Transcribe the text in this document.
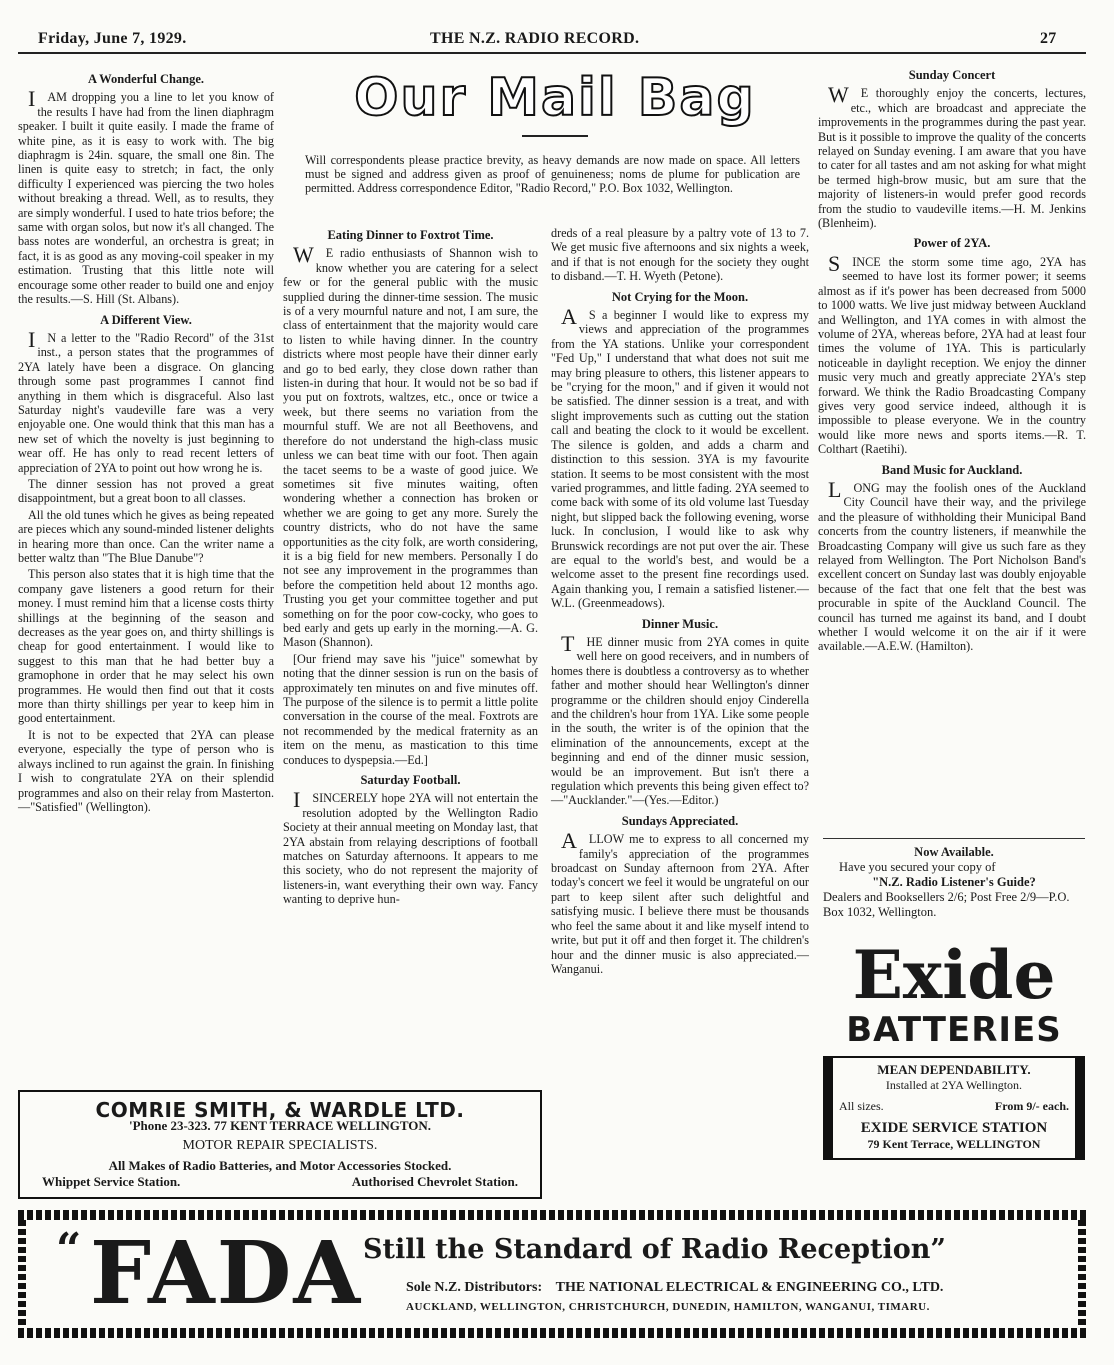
Friday, June 7, 1929.	THE N.Z. RADIO RECORD.	27
Our Mail Bag
Will correspondents please practice brevity, as heavy demands are now made on space. All letters must be signed and address given as proof of genuineness; noms de plume for publication are permitted. Address correspondence Editor, "Radio Record," P.O. Box 1032, Wellington.
A Wonderful Change.

IAM dropping you a line to let you know of the results I have had from the linen diaphragm speaker. I built it quite easily. I made the frame of white pine, as it is easy to work with. The big diaphragm is 24in. square, the small one 8in. The linen is quite easy to stretch; in fact, the only difficulty I experienced was piercing the two holes without breaking a thread. Well, as to results, they are simply wonderful. I used to hate trios before; the same with organ solos, but now it's all changed. The bass notes are wonderful, an orchestra is great; in fact, it is as good as any moving-coil speaker in my estimation. Trusting that this little note will encourage some other reader to build one and enjoy the results.—S. Hill (St. Albans).

A Different View.

IN a letter to the "Radio Record" of the 31st inst., a person states that the programmes of 2YA lately have been a disgrace. On glancing through some past programmes I cannot find anything in them which is disgraceful. Also last Saturday night's vaudeville fare was a very enjoyable one. One would think that this man has a new set of which the novelty is just beginning to wear off. He has only to read recent letters of appreciation of 2YA to point out how wrong he is.

The dinner session has not proved a great disappointment, but a great boon to all classes.

All the old tunes which he gives as being repeated are pieces which any sound-minded listener delights in hearing more than once. Can the writer name a better waltz than "The Blue Danube"?

This person also states that it is high time that the company gave listeners a good return for their money. I must remind him that a license costs thirty shillings at the beginning of the season and decreases as the year goes on, and thirty shillings is cheap for good entertainment. I would like to suggest to this man that he had better buy a gramophone in order that he may select his own programmes. He would then find out that it costs more than thirty shillings per year to keep him in good entertainment.

It is not to be expected that 2YA can please everyone, especially the type of person who is always inclined to run against the grain. In finishing I wish to congratulate 2YA on their splendid programmes and also on their relay from Masterton.—"Satisfied" (Wellington).

Eating Dinner to Foxtrot Time.

WE radio enthusiasts of Shannon wish to know whether you are catering for a select few or for the general public with the music supplied during the dinner-time session. The music is of a very mournful nature and not, I am sure, the class of entertainment that the majority would care to listen to while having dinner. In the country districts where most people have their dinner early and go to bed early, they close down rather than listen-in during that hour. It would not be so bad if you put on foxtrots, waltzes, etc., once or twice a week, but there seems no variation from the mournful stuff. We are not all Beethovens, and therefore do not understand the high-class music unless we can beat time with our foot. Then again the tacet seems to be a waste of good juice. We sometimes sit five minutes waiting, often wondering whether a connection has broken or whether we are going to get any more. Surely the country districts, who do not have the same opportunities as the city folk, are worth considering, it is a big field for new members. Personally I do not see any improvement in the programmes than before the competition held about 12 months ago. Trusting you get your committee together and put something on for the poor cow-cocky, who goes to bed early and gets up early in the morning.—A. G. Mason (Shannon).

[Our friend may save his "juice" somewhat by noting that the dinner session is run on the basis of approximately ten minutes on and five minutes off. The purpose of the silence is to permit a little polite conversation in the course of the meal. Foxtrots are not recommended by the medical fraternity as an item on the menu, as mastication to this time conduces to dyspepsia.—Ed.]

Saturday Football.

ISINCERELY hope 2YA will not entertain the resolution adopted by the Wellington Radio Society at their annual meeting on Monday last, that 2YA abstain from relaying descriptions of football matches on Saturday afternoons. It appears to me this society, who do not represent the majority of listeners-in, want everything their own way. Fancy wanting to deprive hun-

dreds of a real pleasure by a paltry vote of 13 to 7. We get music five afternoons and six nights a week, and if that is not enough for the society they ought to disband.—T. H. Wyeth (Petone).

Not Crying for the Moon.

AS a beginner I would like to express my views and appreciation of the programmes from the YA stations. Unlike your correspondent "Fed Up," I understand that what does not suit me may bring pleasure to others, this listener appears to be "crying for the moon," and if given it would not be satisfied. The dinner session is a treat, and with slight improvements such as cutting out the station call and beating the clock to it would be excellent. The silence is golden, and adds a charm and distinction to this session. 3YA is my favourite station. It seems to be most consistent with the most varied programmes, and little fading. 2YA seemed to come back with some of its old volume last Tuesday night, but slipped back the following evening, worse luck. In conclusion, I would like to ask why Brunswick recordings are not put over the air. These are equal to the world's best, and would be a welcome asset to the present fine recordings used. Again thanking you, I remain a satisfied listener.—W.L. (Greenmeadows).

Dinner Music.

THE dinner music from 2YA comes in quite well here on good receivers, and in numbers of homes there is doubtless a controversy as to whether father and mother should hear Wellington's dinner programme or the children should enjoy Cinderella and the children's hour from 1YA. Like some people in the south, the writer is of the opinion that the elimination of the announcements, except at the beginning and end of the dinner music session, would be an improvement. But isn't there a regulation which prevents this being given effect to?—"Aucklander."—(Yes.—Editor.)

Sundays Appreciated.

ALLOW me to express to all concerned my family's appreciation of the programmes broadcast on Sunday afternoon from 2YA. After today's concert we feel it would be ungrateful on our part to keep silent after such delightful and satisfying music. I believe there must be thousands who feel the same about it and like myself intend to write, but put it off and then forget it. The children's hour and the dinner music is also appreciated.—Wanganui.

Sunday Concert

WE thoroughly enjoy the concerts, lectures, etc., which are broadcast and appreciate the improvements in the programmes during the past year. But is it possible to improve the quality of the concerts relayed on Sunday evening. I am aware that you have to cater for all tastes and am not asking for what might be termed high-brow music, but am sure that the majority of listeners-in would prefer good records from the studio to vaudeville items.—H. M. Jenkins (Blenheim).

Power of 2YA.

SINCE the storm some time ago, 2YA has seemed to have lost its former power; it seems almost as if it's power has been decreased from 5000 to 1000 watts. We live just midway between Auckland and Wellington, and 1YA comes in with almost the volume of 2YA, whereas before, 2YA had at least four times the volume of 1YA. This is particularly noticeable in daylight reception. We enjoy the dinner music very much and greatly appreciate 2YA's step forward. We think the Radio Broadcasting Company gives very good service indeed, although it is impossible to please everyone. We in the country would like more news and sports items.—R. T. Colthart (Raetihi).

Band Music for Auckland.

LONG may the foolish ones of the Auckland City Council have their way, and the privilege and the pleasure of withholding their Municipal Band concerts from the country listeners, if meanwhile the Broadcasting Company will give us such fare as they relayed from Wellington. The Port Nicholson Band's excellent concert on Sunday last was doubly enjoyable because of the fact that one felt that the best was procurable in spite of the Auckland Council. The council has turned me against its band, and I doubt whether I would welcome it on the air if it were available.—A.E.W. (Hamilton).

Now Available.
Have you secured your copy of
"N.Z. Radio Listener's Guide?
Dealers and Booksellers 2/6; Post Free 2/9—P.O. Box 1032, Wellington.
COMRIE SMITH, & WARDLE LTD.
'Phone 23-323. 77 KENT TERRACE WELLINGTON.
MOTOR REPAIR SPECIALISTS.
All Makes of Radio Batteries, and Motor Accessories Stocked.
Whippet Service Station.	Authorised Chevrolet Station.
Exide
BATTERIES
MEAN DEPENDABILITY.
Installed at 2YA Wellington.
All sizes.	From 9/- each.
EXIDE SERVICE STATION
79 Kent Terrace, WELLINGTON
“ FADA Still the Standard of Radio Reception”
Sole N.Z. Distributors: THE NATIONAL ELECTRICAL & ENGINEERING CO., LTD.
AUCKLAND, WELLINGTON, CHRISTCHURCH, DUNEDIN, HAMILTON, WANGANUI, TIMARU.
